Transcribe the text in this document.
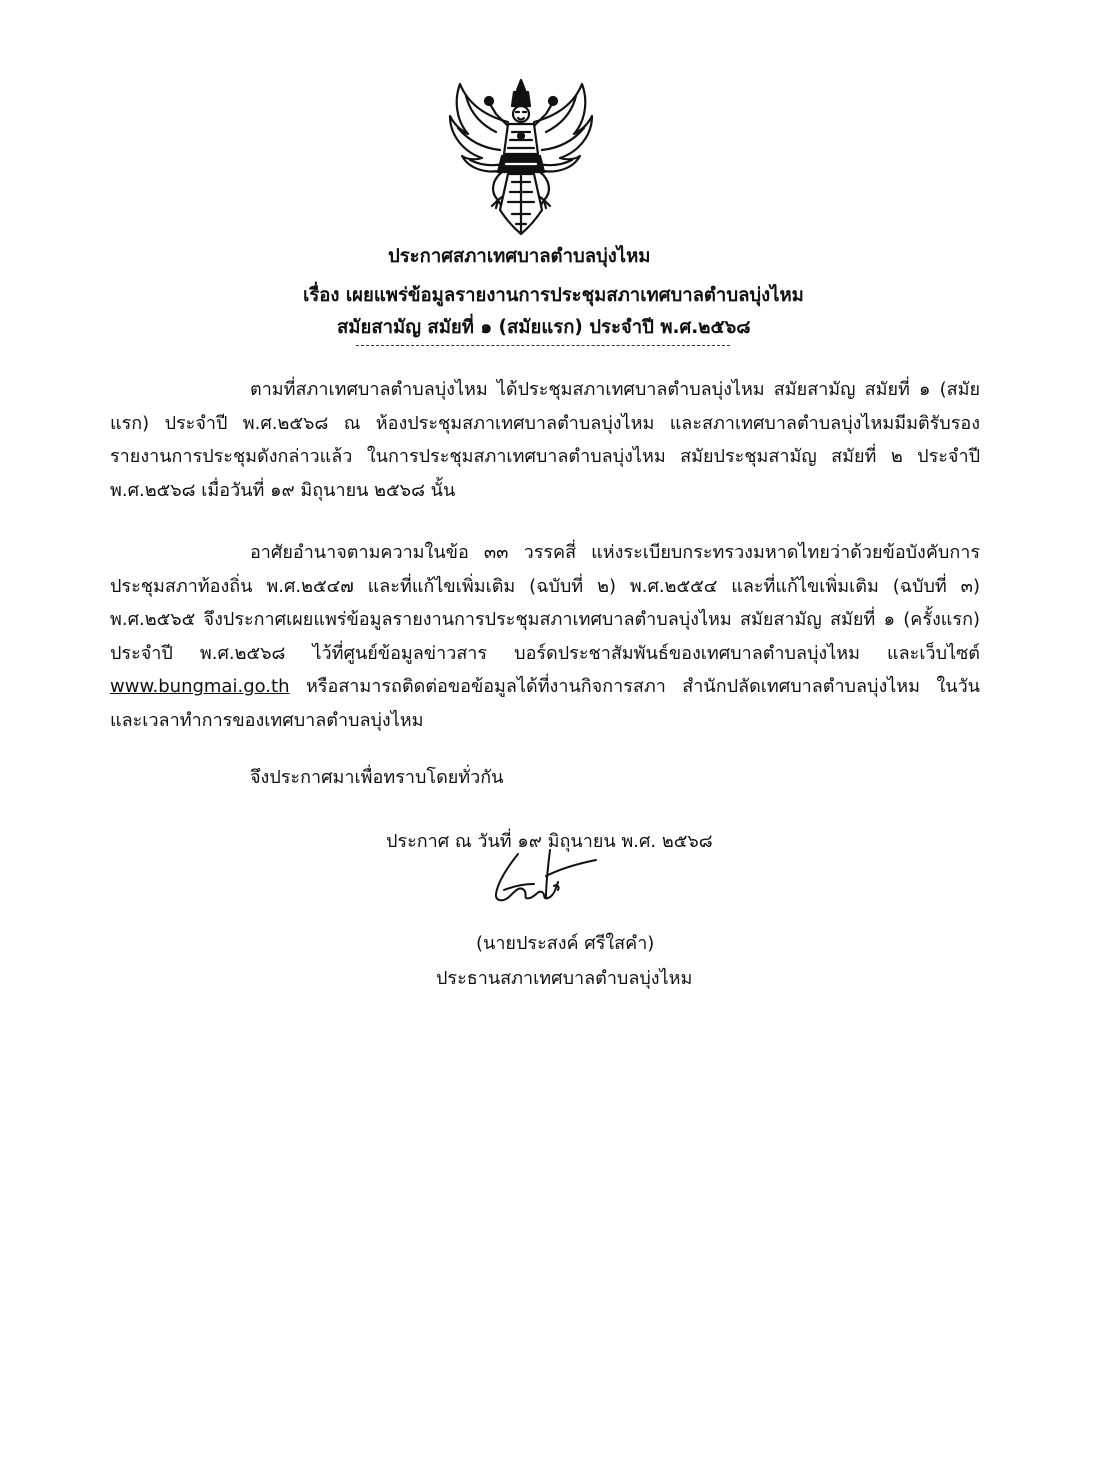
ประกาศสภาเทศบาลตำบลบุ่งไหม
เรื่อง เผยแพร่ข้อมูลรายงานการประชุมสภาเทศบาลตำบลบุ่งไหม
สมัยสามัญ สมัยที่ ๑ (สมัยแรก) ประจำปี พ.ศ.๒๕๖๘

ตามที่สภาเทศบาลตำบลบุ่งไหม ได้ประชุมสภาเทศบาลตำบลบุ่งไหม สมัยสามัญ สมัยที่ ๑ (สมัยแรก) ประจำปี พ.ศ.๒๕๖๘ ณ ห้องประชุมสภาเทศบาลตำบลบุ่งไหม และสภาเทศบาลตำบลบุ่งไหมมีมติรับรองรายงานการประชุมดังกล่าวแล้ว ในการประชุมสภาเทศบาลตำบลบุ่งไหม สมัยประชุมสามัญ สมัยที่ ๒ ประจำปี พ.ศ.๒๕๖๘ เมื่อวันที่ ๑๙ มิถุนายน ๒๕๖๘ นั้น

อาศัยอำนาจตามความในข้อ ๓๓ วรรคสี่ แห่งระเบียบกระทรวงมหาดไทยว่าด้วยข้อบังคับการประชุมสภาท้องถิ่น พ.ศ.๒๕๔๗ และที่แก้ไขเพิ่มเติม (ฉบับที่ ๒) พ.ศ.๒๕๕๔ และที่แก้ไขเพิ่มเติม (ฉบับที่ ๓) พ.ศ.๒๕๖๕ จึงประกาศเผยแพร่ข้อมูลรายงานการประชุมสภาเทศบาลตำบลบุ่งไหม สมัยสามัญ สมัยที่ ๑ (ครั้งแรก) ประจำปี พ.ศ.๒๕๖๘ ไว้ที่ศูนย์ข้อมูลข่าวสาร บอร์ดประชาสัมพันธ์ของเทศบาลตำบลบุ่งไหม และเว็บไซต์ www.bungmai.go.th หรือสามารถติดต่อขอข้อมูลได้ที่งานกิจการสภา สำนักปลัดเทศบาลตำบลบุ่งไหม ในวันและเวลาทำการของเทศบาลตำบลบุ่งไหม

จึงประกาศมาเพื่อทราบโดยทั่วกัน
ประกาศ ณ วันที่ ๑๙ มิถุนายน พ.ศ. ๒๕๖๘
(นายประสงค์ ศรีใสคำ)
ประธานสภาเทศบาลตำบลบุ่งไหม
